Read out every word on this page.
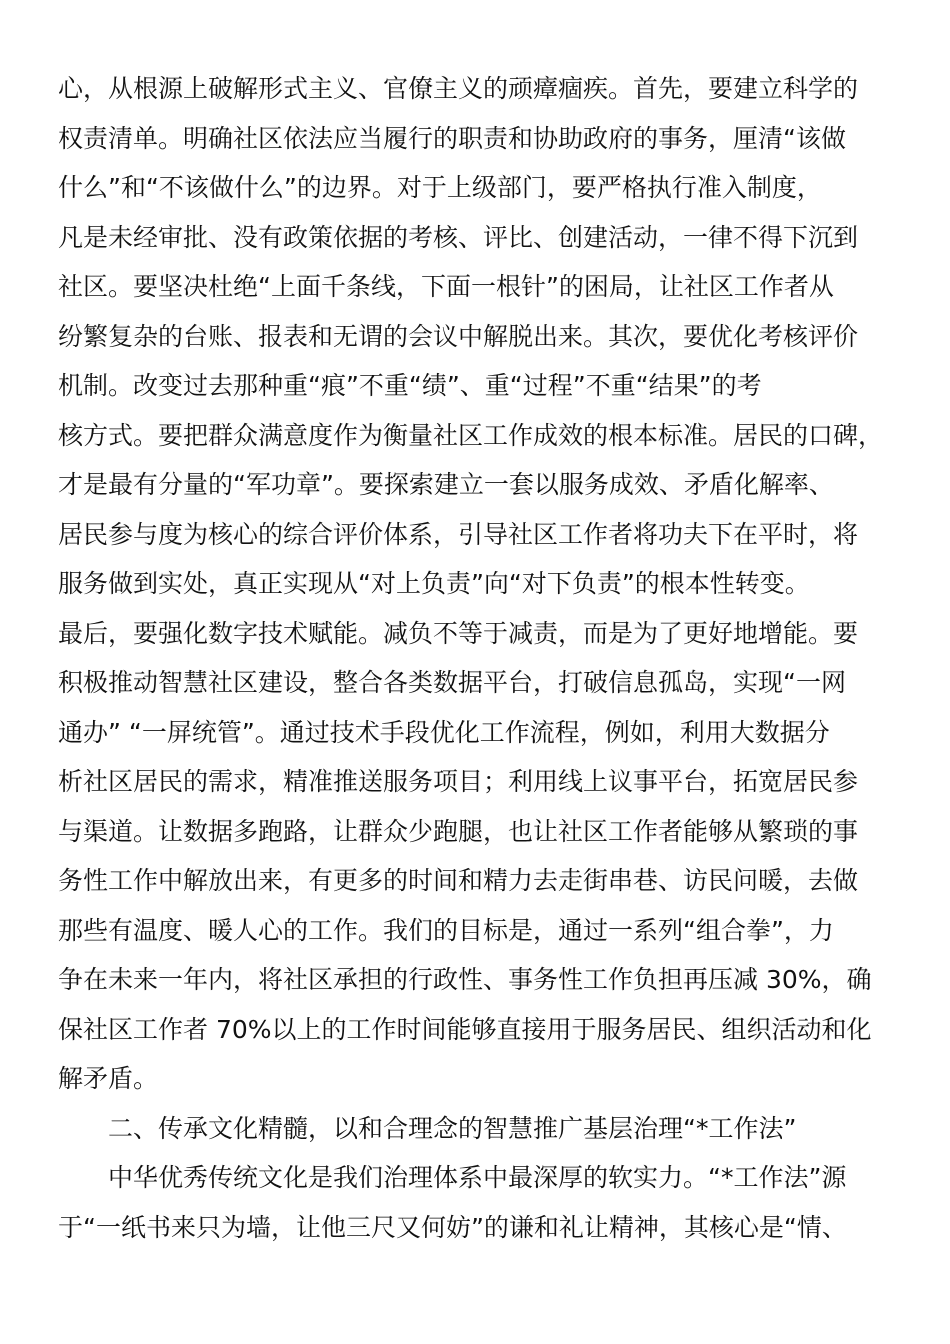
心，从根源上破解形式主义、官僚主义的顽瘴痼疾。首先，要建立科学的
权责清单。明确社区依法应当履行的职责和协助政府的事务，厘清“该做
什么”和“不该做什么”的边界。对于上级部门，要严格执行准入制度，
凡是未经审批、没有政策依据的考核、评比、创建活动，一律不得下沉到
社区。要坚决杜绝“上面千条线，下面一根针”的困局，让社区工作者从
纷繁复杂的台账、报表和无谓的会议中解脱出来。其次，要优化考核评价
机制。改变过去那种重“痕”不重“绩”、重“过程”不重“结果”的考
核方式。要把群众满意度作为衡量社区工作成效的根本标准。居民的口碑，
才是最有分量的“军功章”。要探索建立一套以服务成效、矛盾化解率、
居民参与度为核心的综合评价体系，引导社区工作者将功夫下在平时，将
服务做到实处，真正实现从“对上负责”向“对下负责”的根本性转变。
最后，要强化数字技术赋能。减负不等于减责，而是为了更好地增能。要
积极推动智慧社区建设，整合各类数据平台，打破信息孤岛，实现“一网
通办” “一屏统管”。通过技术手段优化工作流程，例如，利用大数据分
析社区居民的需求，精准推送服务项目；利用线上议事平台，拓宽居民参
与渠道。让数据多跑路，让群众少跑腿，也让社区工作者能够从繁琐的事
务性工作中解放出来，有更多的时间和精力去走街串巷、访民问暖，去做
那些有温度、暖人心的工作。我们的目标是，通过一系列“组合拳”，力
争在未来一年内，将社区承担的行政性、事务性工作负担再压减 30%，确
保社区工作者 70%以上的工作时间能够直接用于服务居民、组织活动和化
解矛盾。
二、传承文化精髓，以和合理念的智慧推广基层治理“*工作法”
中华优秀传统文化是我们治理体系中最深厚的软实力。“*工作法”源
于“一纸书来只为墙，让他三尺又何妨”的谦和礼让精神，其核心是“情、
